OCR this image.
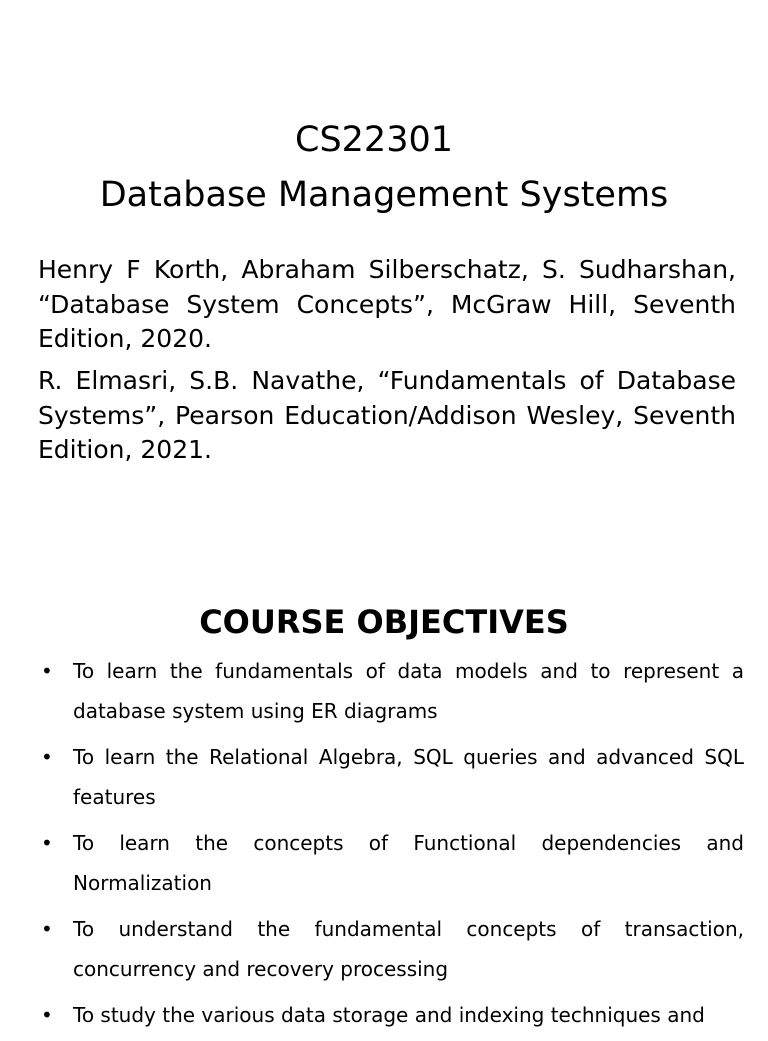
CS22301
Database Management Systems

Henry F Korth, Abraham Silberschatz, S. Sudharshan, “Database System Concepts”, McGraw Hill, Seventh Edition, 2020.

R. Elmasri, S.B. Navathe, “Fundamentals of Database Systems”, Pearson Education/Addison Wesley, Seventh Edition, 2021.

COURSE OBJECTIVES
• To learn the fundamentals of data models and to represent a database system using ER diagrams
• To learn the Relational Algebra, SQL queries and advanced SQL features
• To learn the concepts of Functional dependencies and Normalization
• To understand the fundamental concepts of transaction, concurrency and recovery processing
• To study the various data storage and indexing techniques and
